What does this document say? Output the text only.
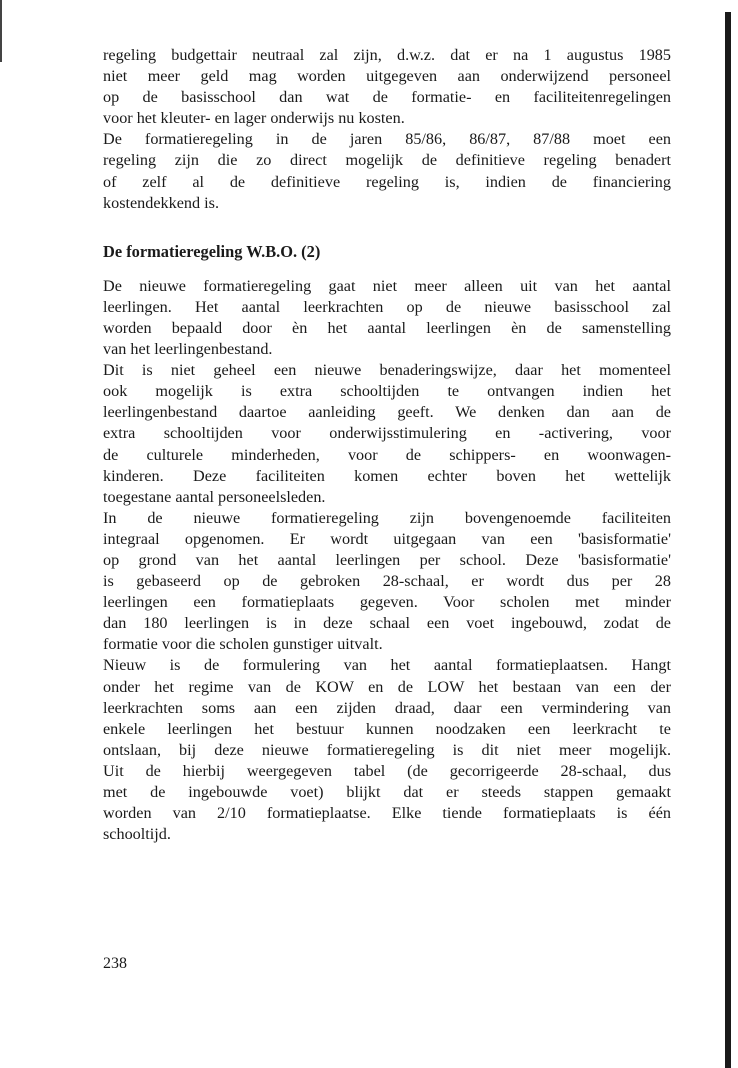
regeling budgettair neutraal zal zijn, d.w.z. dat er na 1 augustus 1985
niet meer geld mag worden uitgegeven aan onderwijzend personeel
op de basisschool dan wat de formatie- en faciliteitenregelingen
voor het kleuter- en lager onderwijs nu kosten.

De formatieregeling in de jaren 85/86, 86/87, 87/88 moet een
regeling zijn die zo direct mogelijk de definitieve regeling benadert
of zelf al de definitieve regeling is, indien de financiering
kostendekkend is.

De formatieregeling W.B.O. (2)

De nieuwe formatieregeling gaat niet meer alleen uit van het aantal
leerlingen. Het aantal leerkrachten op de nieuwe basisschool zal
worden bepaald door èn het aantal leerlingen èn de samenstelling
van het leerlingenbestand.

Dit is niet geheel een nieuwe benaderingswijze, daar het momenteel
ook mogelijk is extra schooltijden te ontvangen indien het
leerlingenbestand daartoe aanleiding geeft. We denken dan aan de
extra schooltijden voor onderwijsstimulering en -activering, voor
de culturele minderheden, voor de schippers- en woonwagen-
kinderen. Deze faciliteiten komen echter boven het wettelijk
toegestane aantal personeelsleden.

In de nieuwe formatieregeling zijn bovengenoemde faciliteiten
integraal opgenomen. Er wordt uitgegaan van een 'basisformatie'
op grond van het aantal leerlingen per school. Deze 'basisformatie'
is gebaseerd op de gebroken 28-schaal, er wordt dus per 28
leerlingen een formatieplaats gegeven. Voor scholen met minder
dan 180 leerlingen is in deze schaal een voet ingebouwd, zodat de
formatie voor die scholen gunstiger uitvalt.

Nieuw is de formulering van het aantal formatieplaatsen. Hangt
onder het regime van de KOW en de LOW het bestaan van een der
leerkrachten soms aan een zijden draad, daar een vermindering van
enkele leerlingen het bestuur kunnen noodzaken een leerkracht te
ontslaan, bij deze nieuwe formatieregeling is dit niet meer mogelijk.
Uit de hierbij weergegeven tabel (de gecorrigeerde 28-schaal, dus
met de ingebouwde voet) blijkt dat er steeds stappen gemaakt
worden van 2/10 formatieplaatse. Elke tiende formatieplaats is één
schooltijd.

238
